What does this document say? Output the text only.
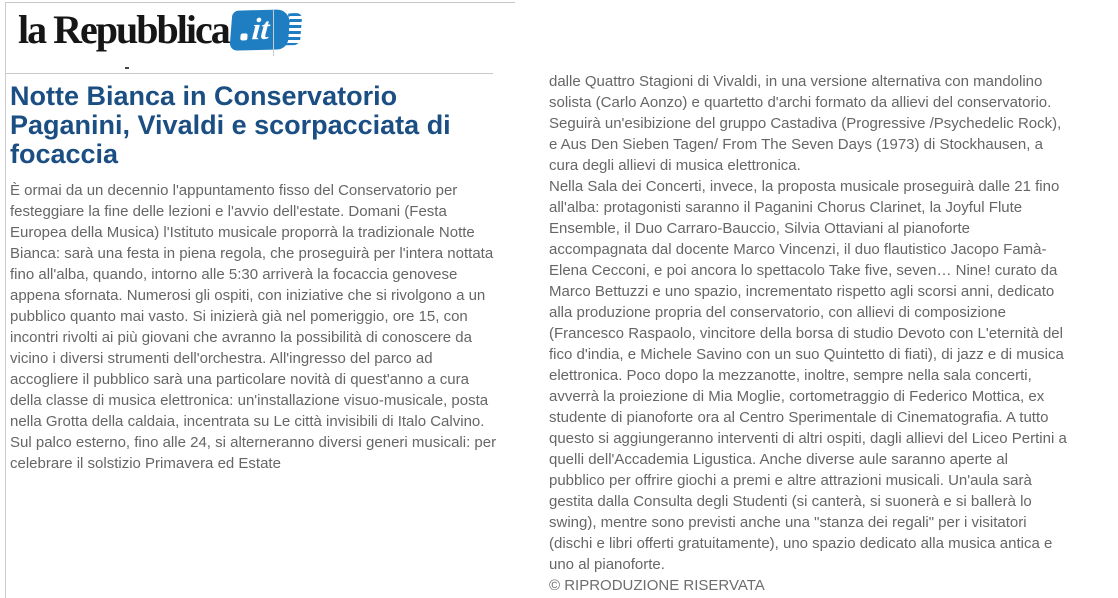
la Repubblica it
Notte Bianca in Conservatorio Paganini, Vivaldi e scorpacciata di focaccia

È ormai da un decennio l'appuntamento fisso del Conservatorio per festeggiare la fine delle lezioni e l'avvio dell'estate. Domani (Festa Europea della Musica) l'Istituto musicale proporrà la tradizionale Notte Bianca: sarà una festa in piena regola, che proseguirà per l'intera nottata fino all'alba, quando, intorno alle 5:30 arriverà la focaccia genovese appena sfornata. Numerosi gli ospiti, con iniziative che si rivolgono a un pubblico quanto mai vasto. Si inizierà già nel pomeriggio, ore 15, con incontri rivolti ai più giovani che avranno la possibilità di conoscere da vicino i diversi strumenti dell'orchestra. All'ingresso del parco ad accogliere il pubblico sarà una particolare novità di quest'anno a cura della classe di musica elettronica: un'installazione visuo-musicale, posta nella Grotta della caldaia, incentrata su Le città invisibili di Italo Calvino.

Sul palco esterno, fino alle 24, si alterneranno diversi generi musicali: per celebrare il solstizio Primavera ed Estate

dalle Quattro Stagioni di Vivaldi, in una versione alternativa con mandolino solista (Carlo Aonzo) e quartetto d'archi formato da allievi del conservatorio. Seguirà un'esibizione del gruppo Castadiva (Progressive /Psychedelic Rock), e Aus Den Sieben Tagen/ From The Seven Days (1973) di Stockhausen, a cura degli allievi di musica elettronica.

Nella Sala dei Concerti, invece, la proposta musicale proseguirà dalle 21 fino all'alba: protagonisti saranno il Paganini Chorus Clarinet, la Joyful Flute Ensemble, il Duo Carraro-Bauccio, Silvia Ottaviani al pianoforte accompagnata dal docente Marco Vincenzi, il duo flautistico Jacopo Famà-Elena Cecconi, e poi ancora lo spettacolo Take five, seven… Nine! curato da Marco Bettuzzi e uno spazio, incrementato rispetto agli scorsi anni, dedicato alla produzione propria del conservatorio, con allievi di composizione (Francesco Raspaolo, vincitore della borsa di studio Devoto con L'eternità del fico d'india, e Michele Savino con un suo Quintetto di fiati), di jazz e di musica elettronica. Poco dopo la mezzanotte, inoltre, sempre nella sala concerti, avverrà la proiezione di Mia Moglie, cortometraggio di Federico Mottica, ex studente di pianoforte ora al Centro Sperimentale di Cinematografia. A tutto questo si aggiungeranno interventi di altri ospiti, dagli allievi del Liceo Pertini a quelli dell'Accademia Ligustica. Anche diverse aule saranno aperte al pubblico per offrire giochi a premi e altre attrazioni musicali. Un'aula sarà gestita dalla Consulta degli Studenti (si canterà, si suonerà e si ballerà lo swing), mentre sono previsti anche una "stanza dei regali" per i visitatori (dischi e libri offerti gratuitamente), uno spazio dedicato alla musica antica e uno al pianoforte.

© RIPRODUZIONE RISERVATA
